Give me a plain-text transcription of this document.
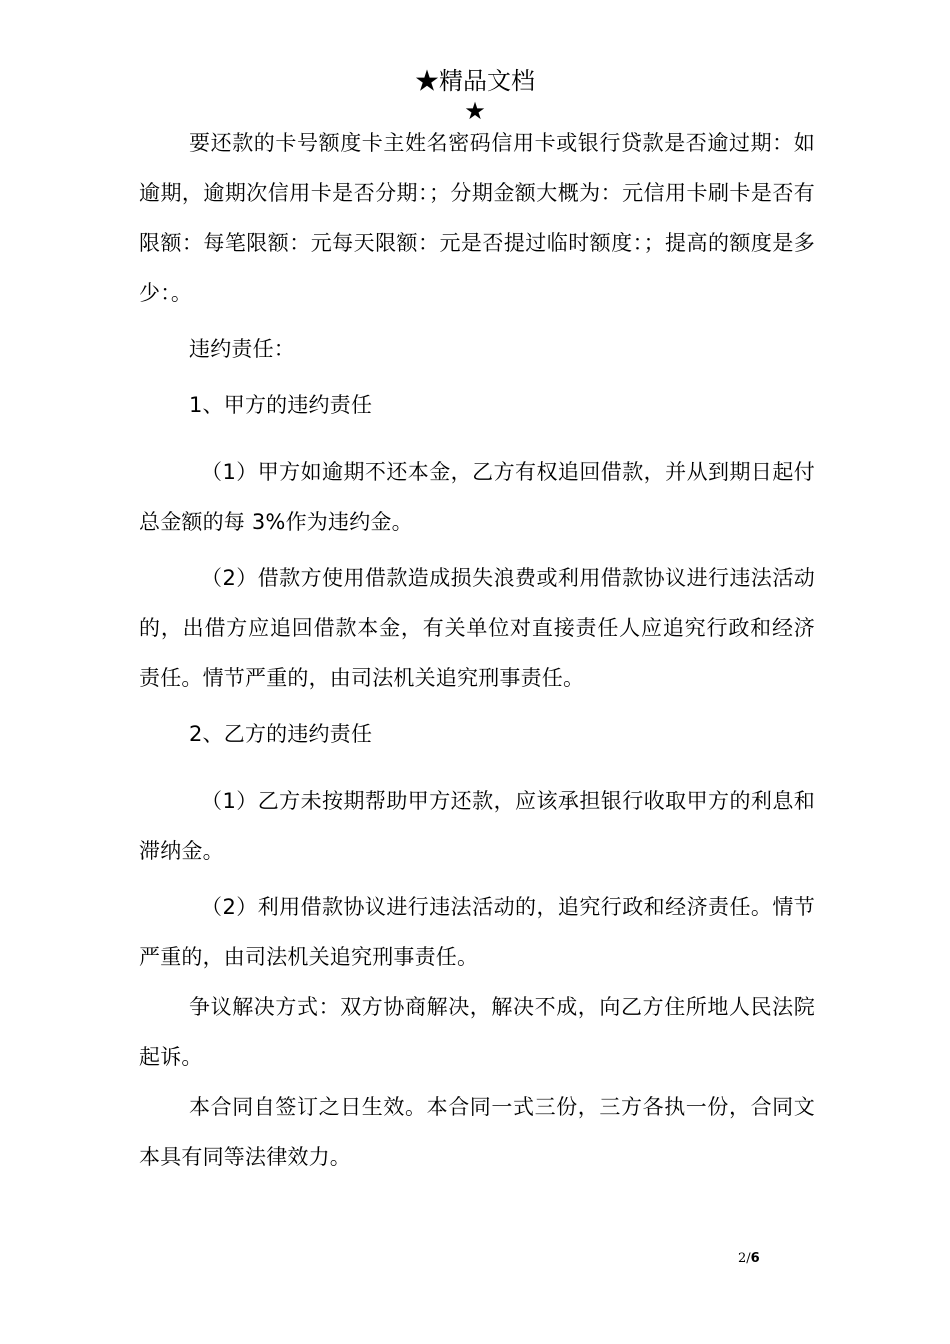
★精品文档
★

要还款的卡号额度卡主姓名密码信用卡或银行贷款是否逾过期：如逾期，逾期次信用卡是否分期：；分期金额大概为：元信用卡刷卡是否有限额：每笔限额：元每天限额：元是否提过临时额度：；提高的额度是多少：。

违约责任：

1、甲方的违约责任

（1）甲方如逾期不还本金，乙方有权追回借款，并从到期日起付总金额的每 3%作为违约金。

（2）借款方使用借款造成损失浪费或利用借款协议进行违法活动的，出借方应追回借款本金，有关单位对直接责任人应追究行政和经济责任。情节严重的，由司法机关追究刑事责任。

2、乙方的违约责任

（1）乙方未按期帮助甲方还款，应该承担银行收取甲方的利息和滞纳金。

（2）利用借款协议进行违法活动的，追究行政和经济责任。情节严重的，由司法机关追究刑事责任。

争议解决方式：双方协商解决，解决不成，向乙方住所地人民法院起诉。

本合同自签订之日生效。本合同一式三份，三方各执一份，合同文本具有同等法律效力。

2/6
